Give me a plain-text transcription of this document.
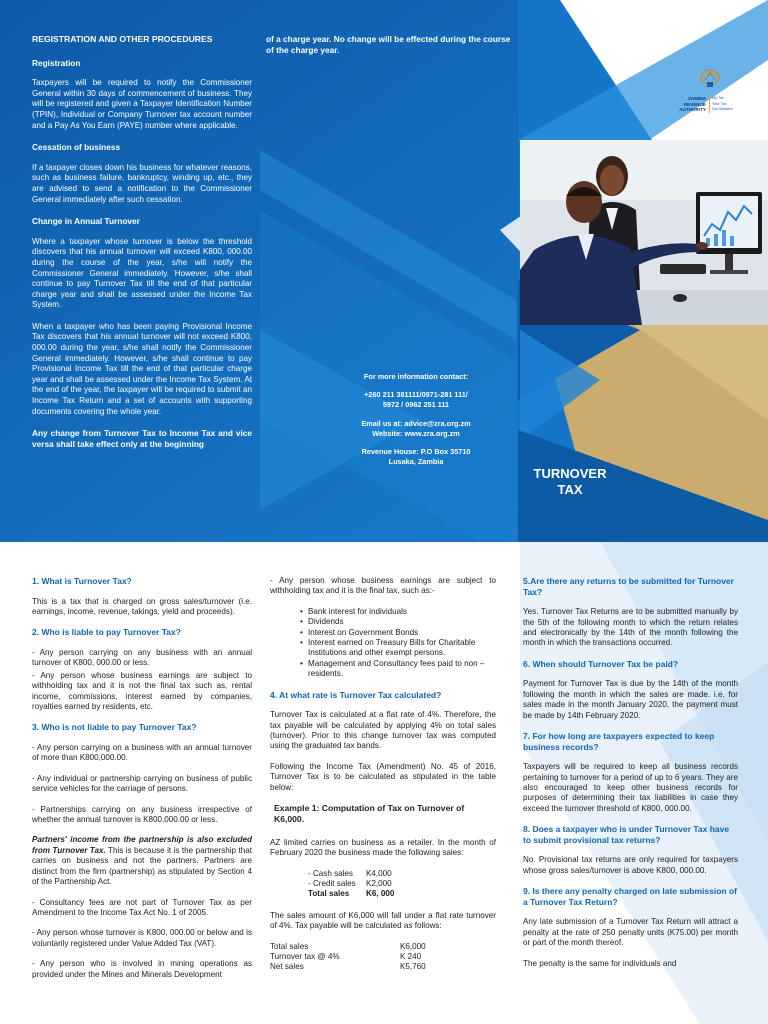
REGISTRATION AND OTHER PROCEDURES
Registration

Taxpayers will be required to notify the Commissioner General within 30 days of commencement of business. They will be registered and given a Taxpayer Identification Number (TPIN), Individual or Company Turnover tax account number and a Pay As You Earn (PAYE) number where applicable.

Cessation of business

If a taxpayer closes down his business for whatever reasons, such as business failure, bankruptcy, winding up, etc., they are advised to send a notification to the Commissioner General immediately after such cessation.

Change in Annual Turnover

Where a taxpayer whose turnover is below the threshold discovers that his annual turnover will exceed K800, 000.00 during the course of the year, s/he will notify the Commissioner General immediately. However, s/he shall continue to pay Turnover Tax till the end of that particular charge year and shall be assessed under the Income Tax System.

When a taxpayer who has been paying Provisional Income Tax discovers that his annual turnover will not exceed K800, 000.00 during the year, s/he shall notify the Commissioner General immediately. However, s/he shall continue to pay Provisional Income Tax till the end of that particular charge year and shall be assessed under the Income Tax System. At the end of the year, the taxpayer will be required to submit an Income Tax Return and a set of accounts with supporting documents covering the whole year.

Any change from Turnover Tax to Income Tax and vice versa shall take effect only at the beginning

of a charge year. No change will be effected during the course of the charge year.
ZAMBIA
REVENUE
AUTHORITY
My Tax
Your Tax
Our Borders
For more information contact:
+260 211 381111/0971-281 111/
5972 / 0962 251 111
Email us at: advice@zra.org.zm
Website: www.zra.org.zm
Revenue House: P.O Box 35710
Lusaka, Zambia
TURNOVER
TAX
1. What is Turnover Tax?

This is a tax that is charged on gross sales/turnover (i.e. earnings, income, revenue, takings, yield and proceeds).

2. Who is liable to pay Turnover Tax?

- Any person carrying on any business with an annual turnover of K800, 000.00 or less.

- Any person whose business earnings are subject to withholding tax and it is not the final tax such as, rental income, commissions, interest earned by companies, royalties earned by residents, etc.

3. Who is not liable to pay Turnover Tax?

- Any person carrying on a business with an annual turnover of more than K800,000.00.

- Any individual or partnership carrying on business of public service vehicles for the carriage of persons.

- Partnerships carrying on any business irrespective of whether the annual turnover is K800,000.00 or less.

Partners' income from the partnership is also excluded from Turnover Tax. This is because it is the partnership that carries on business and not the partners. Partners are distinct from the firm (partnership) as stipulated by Section 4 of the Partnership Act.

- Consultancy fees are not part of Turnover Tax as per Amendment to the Income Tax Act No. 1 of 2005.

- Any person whose turnover is K800, 000.00 or below and is voluntarily registered under Value Added Tax (VAT).

- Any person who is involved in mining operations as provided under the Mines and Minerals Development

- Any person whose business earnings are subject to withholding tax and it is the final tax, such as:-

• Bank interest for individuals
• Dividends
• Interest on Government Bonds
• Interest earned on Treasury Bills for Charitable Institutions and other exempt persons.
• Management and Consultancy fees paid to non – residents.
4. At what rate is Turnover Tax calculated?

Turnover Tax is calculated at a flat rate of 4%. Therefore, the tax payable will be calculated by applying 4% on total sales (turnover). Prior to this change turnover tax was computed using the graduated tax bands.

Following the Income Tax (Amendment) No. 45 of 2016, Turnover Tax is to be calculated as stipulated in the table below:

Example 1: Computation of Tax on Turnover of K6,000.

AZ limited carries on business as a retailer. In the month of February 2020 the business made the following sales:

- Cash sales	K4,000
- Credit sales	K2,000
Total sales	K6, 000

The sales amount of K6,000 will fall under a flat rate turnover of 4%. Tax payable will be calculated as follows:

Total sales	K6,000
Turnover tax @ 4%	K 240
Net sales	K5,760
5.Are there any returns to be submitted for Turnover Tax?

Yes. Turnover Tax Returns are to be submitted manually by the 5th of the following month to which the return relates and electronically by the 14th of the month following the month in which the transactions occurred.

6. When should Turnover Tax be paid?

Payment for Turnover Tax is due by the 14th of the month following the month in which the sales are made. i.e. for sales made in the month January 2020, the payment must be made by 14th February 2020.

7. For how long are taxpayers expected to keep business records?

Taxpayers will be required to keep all business records pertaining to turnover for a period of up to 6 years. They are also encouraged to keep other business records for purposes of determining their tax liabilities in case they exceed the turnover threshold of K800, 000.00.

8. Does a taxpayer who is under Turnover Tax have to submit provisional tax returns?

No. Provisional tax returns are only required for taxpayers whose gross sales/turnover is above K800, 000.00.

9. Is there any penalty charged on late submission of a Turnover Tax Return?

Any late submission of a Turnover Tax Return will attract a penalty at the rate of 250 penalty units (K75.00) per month or part of the month thereof.

The penalty is the same for individuals and
